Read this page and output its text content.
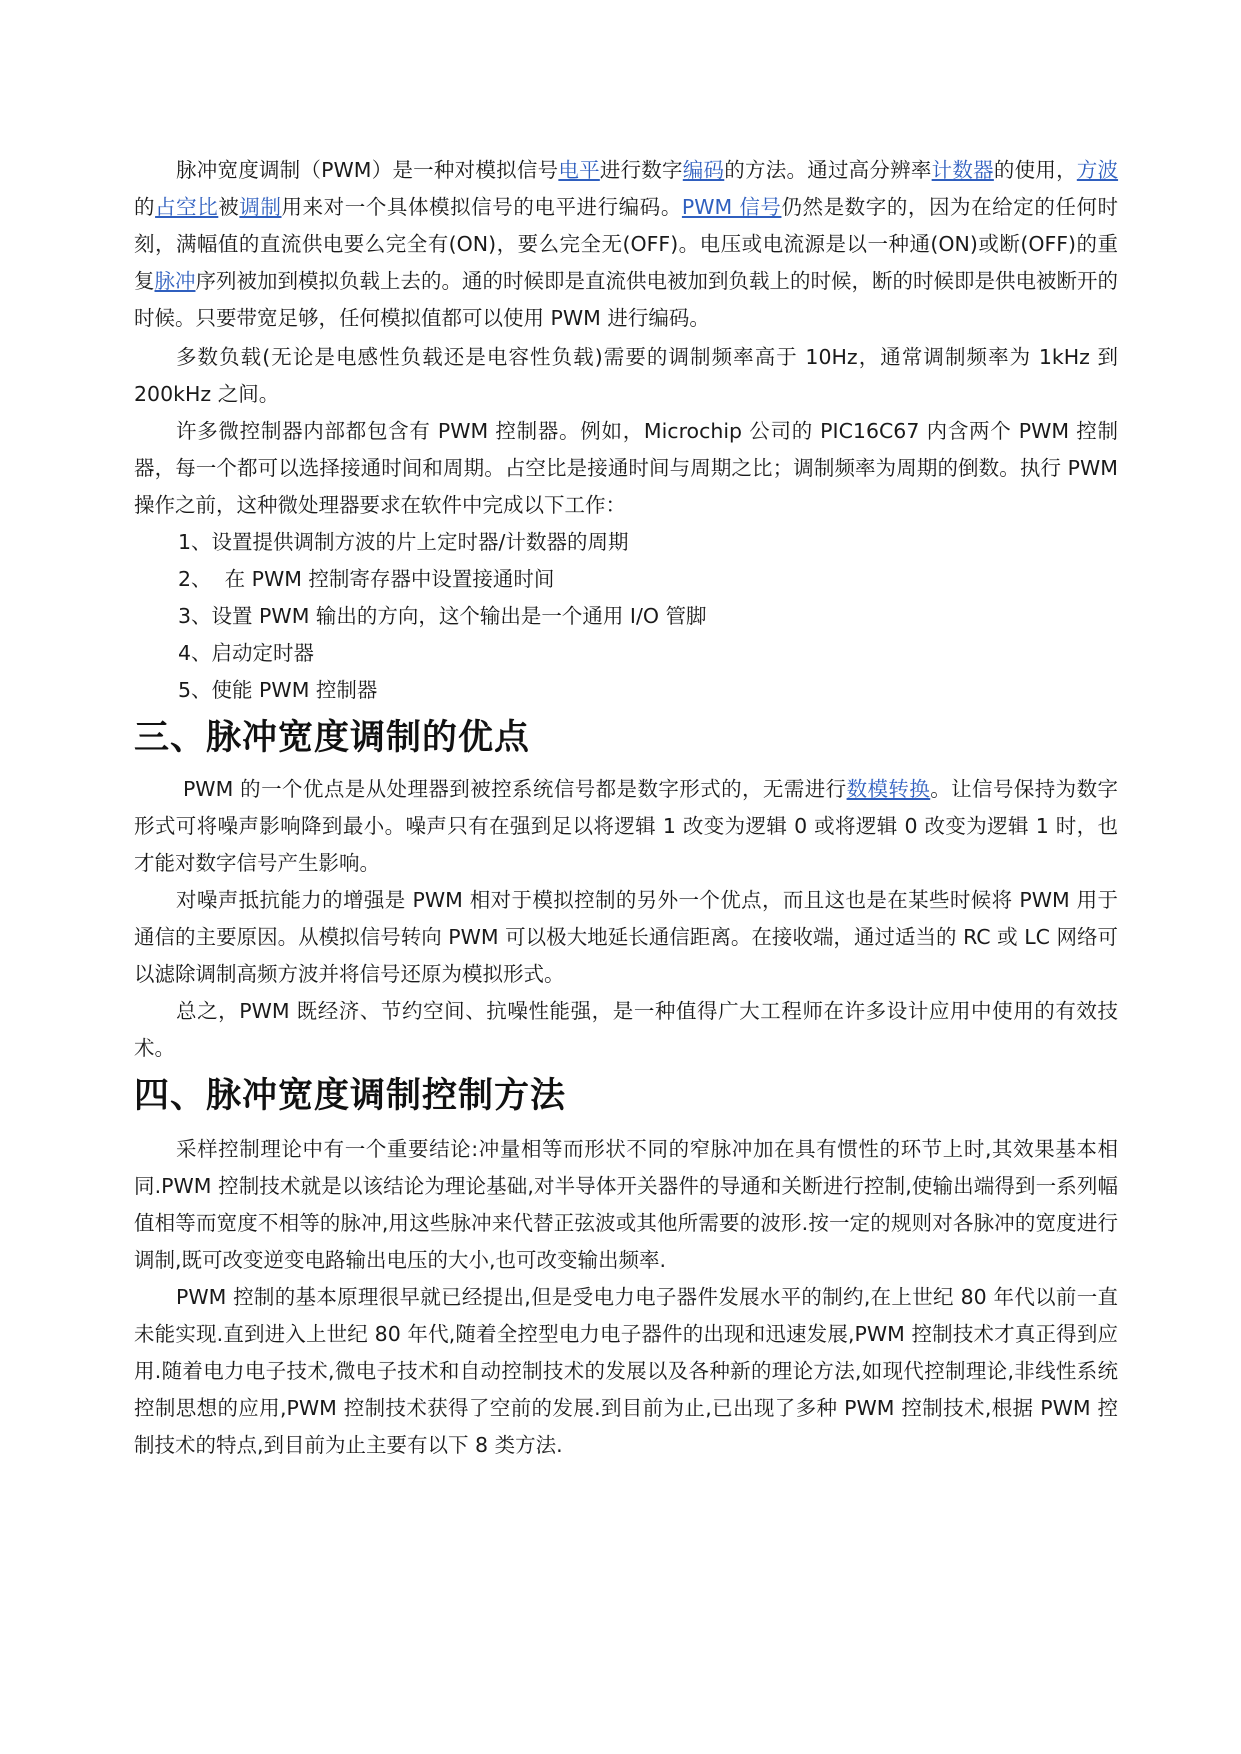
脉冲宽度调制（PWM）是一种对模拟信号电平进行数字编码的方法。通过高分辨率计数器的使用，方波的占空比被调制用来对一个具体模拟信号的电平进行编码。PWM 信号仍然是数字的，因为在给定的任何时刻，满幅值的直流供电要么完全有(ON)，要么完全无(OFF)。电压或电流源是以一种通(ON)或断(OFF)的重复脉冲序列被加到模拟负载上去的。通的时候即是直流供电被加到负载上的时候，断的时候即是供电被断开的时候。只要带宽足够，任何模拟值都可以使用 PWM 进行编码。

多数负载(无论是电感性负载还是电容性负载)需要的调制频率高于 10Hz，通常调制频率为 1kHz 到 200kHz 之间。

许多微控制器内部都包含有 PWM 控制器。例如，Microchip 公司的 PIC16C67 内含两个 PWM 控制器，每一个都可以选择接通时间和周期。占空比是接通时间与周期之比；调制频率为周期的倒数。执行 PWM 操作之前，这种微处理器要求在软件中完成以下工作：

1、设置提供调制方波的片上定时器/计数器的周期

2、  在 PWM 控制寄存器中设置接通时间

3、设置 PWM 输出的方向，这个输出是一个通用 I/O 管脚

4、启动定时器

5、使能 PWM 控制器

三、脉冲宽度调制的优点

PWM 的一个优点是从处理器到被控系统信号都是数字形式的，无需进行数模转换。让信号保持为数字形式可将噪声影响降到最小。噪声只有在强到足以将逻辑 1 改变为逻辑 0 或将逻辑 0 改变为逻辑 1 时，也才能对数字信号产生影响。

对噪声抵抗能力的增强是 PWM 相对于模拟控制的另外一个优点，而且这也是在某些时候将 PWM 用于通信的主要原因。从模拟信号转向 PWM 可以极大地延长通信距离。在接收端，通过适当的 RC 或 LC 网络可以滤除调制高频方波并将信号还原为模拟形式。

总之，PWM 既经济、节约空间、抗噪性能强，是一种值得广大工程师在许多设计应用中使用的有效技术。

四、脉冲宽度调制控制方法

采样控制理论中有一个重要结论:冲量相等而形状不同的窄脉冲加在具有惯性的环节上时,其效果基本相同.PWM 控制技术就是以该结论为理论基础,对半导体开关器件的导通和关断进行控制,使输出端得到一系列幅值相等而宽度不相等的脉冲,用这些脉冲来代替正弦波或其他所需要的波形.按一定的规则对各脉冲的宽度进行调制,既可改变逆变电路输出电压的大小,也可改变输出频率.

PWM 控制的基本原理很早就已经提出,但是受电力电子器件发展水平的制约,在上世纪 80 年代以前一直未能实现.直到进入上世纪 80 年代,随着全控型电力电子器件的出现和迅速发展,PWM 控制技术才真正得到应用.随着电力电子技术,微电子技术和自动控制技术的发展以及各种新的理论方法,如现代控制理论,非线性系统控制思想的应用,PWM 控制技术获得了空前的发展.到目前为止,已出现了多种 PWM 控制技术,根据 PWM 控制技术的特点,到目前为止主要有以下 8 类方法.
